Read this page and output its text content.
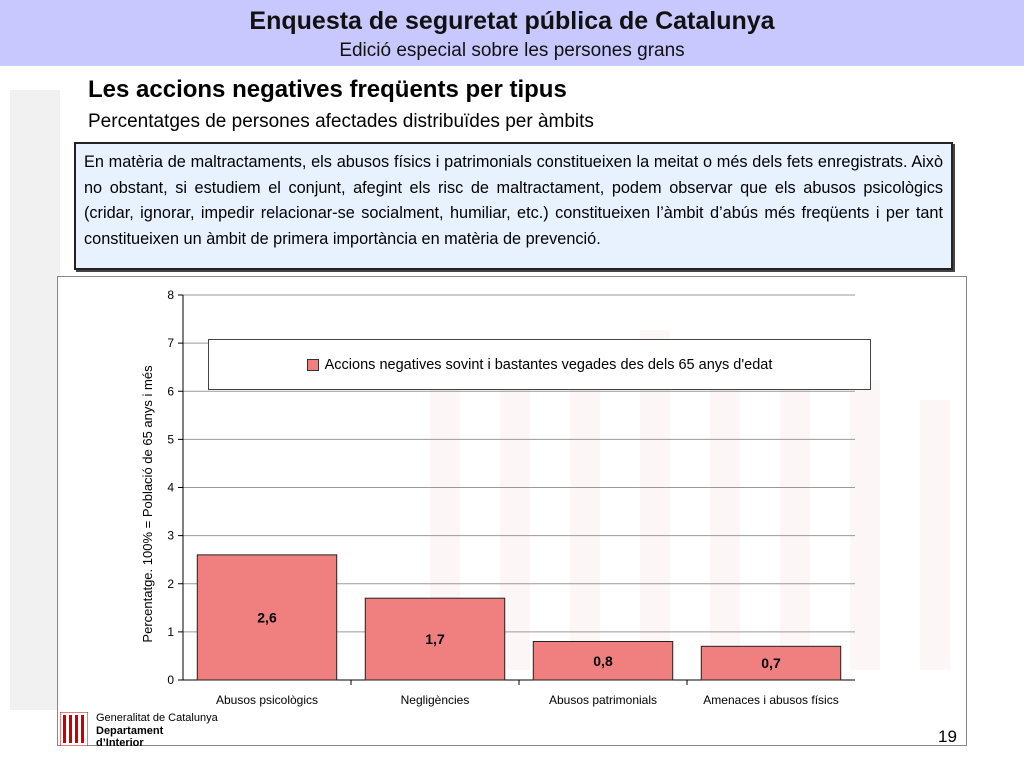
Enquesta de seguretat pública de Catalunya
Edició especial sobre les persones grans
Les accions negatives freqüents per tipus
Percentatges de persones afectades distribuïdes per àmbits
En matèria de maltractaments, els abusos físics i patrimonials constitueixen la meitat o més dels fets enregistrats. Això no obstant, si estudiem el conjunt, afegint els risc de maltractament, podem observar que els abusos psicològics (cridar, ignorar, impedir relacionar-se socialment, humiliar, etc.) constitueixen l’àmbit d’abús més freqüents i per tant constitueixen un àmbit de primera importància en matèria de prevenció.
0
1
2
3
4
5
6
7
8
2,6
Abusos psicològics
1,7
Negligències
0,8
Abusos patrimonials
0,7
Amenaces i abusos físics
Percentatge. 100% = Població de 65 anys i més
Accions negatives sovint i bastantes vegades des dels 65 anys d'edat
Generalitat de Catalunya
Departament
d’Interior	19
